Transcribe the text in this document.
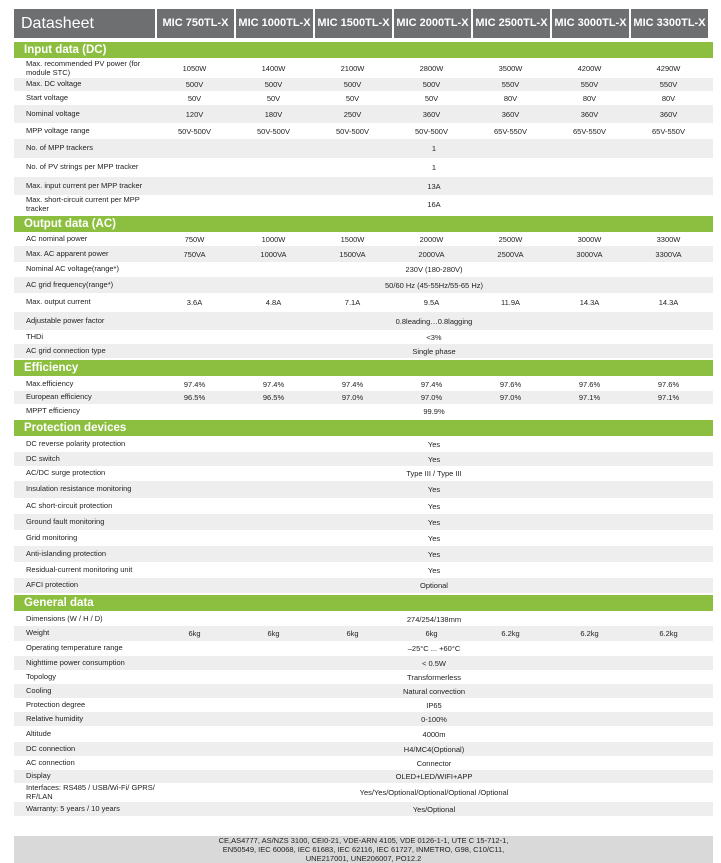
Datasheet	MIC 750TL-X MIC 1000TL-X MIC 1500TL-X MIC 2000TL-X MIC 2500TL-X MIC 3000TL-X MIC 3300TL-X
Input data (DC)
Max. recommended PV power (for module STC)	1050W	1400W	2100W	2800W	3500W	4200W	4290W
Max. DC voltage	500V	500V	500V	500V	550V	550V	550V
Start voltage	50V	50V	50V	50V	80V	80V	80V
Nominal voltage	120V	180V	250V	360V	360V	360V	360V
MPP voltage range	50V-500V	50V-500V	50V-500V	50V-500V	65V-550V	65V-550V	65V-550V
No. of MPP trackers	1
No. of PV strings per MPP tracker	1
Max. input current per MPP tracker	13A
Max. short-circuit current per MPP tracker	16A
Output data (AC)
AC nominal power	750W	1000W	1500W	2000W	2500W	3000W	3300W
Max. AC apparent power	750VA	1000VA	1500VA	2000VA	2500VA	3000VA	3300VA
Nominal AC voltage(range*)	230V (180-280V)
AC grid frequency(range*)	50/60 Hz (45-55Hz/55-65 Hz)
Max. output current	3.6A	4.8A	7.1A	9.5A	11.9A	14.3A	14.3A
Adjustable power factor	0.8leading…0.8lagging
THDi	<3%
AC grid connection type	Single phase
Efficiency
Max.efficiency	97.4%	97.4%	97.4%	97.4%	97.6%	97.6%	97.6%
European efficiency	96.5%	96.5%	97.0%	97.0%	97.0%	97.1%	97.1%
MPPT efficiency	99.9%
Protection devices
DC reverse polarity protection	Yes
DC switch	Yes
AC/DC surge protection	Type III / Type III
Insulation resistance monitoring	Yes
AC short-circuit protection	Yes
Ground fault monitoring	Yes
Grid monitoring	Yes
Anti-islanding protection	Yes
Residual-current monitoring unit	Yes
AFCI protection	Optional
General data
Dimensions (W / H / D)	274/254/138mm
Weight	6kg	6kg	6kg	6kg	6.2kg	6.2kg	6.2kg
Operating temperature range	–25°C ... +60°C
Nighttime power consumption	< 0.5W
Topology	Transformerless
Cooling	Natural convection
Protection degree	IP65
Relative humidity	0-100%
Altitude	4000m
DC connection	H4/MC4(Optional)
AC connection	Connector
Display	OLED+LED/WIFI+APP
Interfaces: RS485 / USB/Wi-Fi/ GPRS/ RF/LAN	Yes/Yes/Optional/Optional/Optional /Optional
Warranty: 5 years / 10 years	Yes/Optional
CE,AS4777, AS/NZS 3100, CEI0-21, VDE-ARN 4105, VDE 0126-1-1, UTE C 15-712-1, EN50549, IEC 60068, IEC 61683, IEC 62116, IEC 61727, INMETRO, G98, C10/C11, UNE217001, UNE206007, PO12.2
